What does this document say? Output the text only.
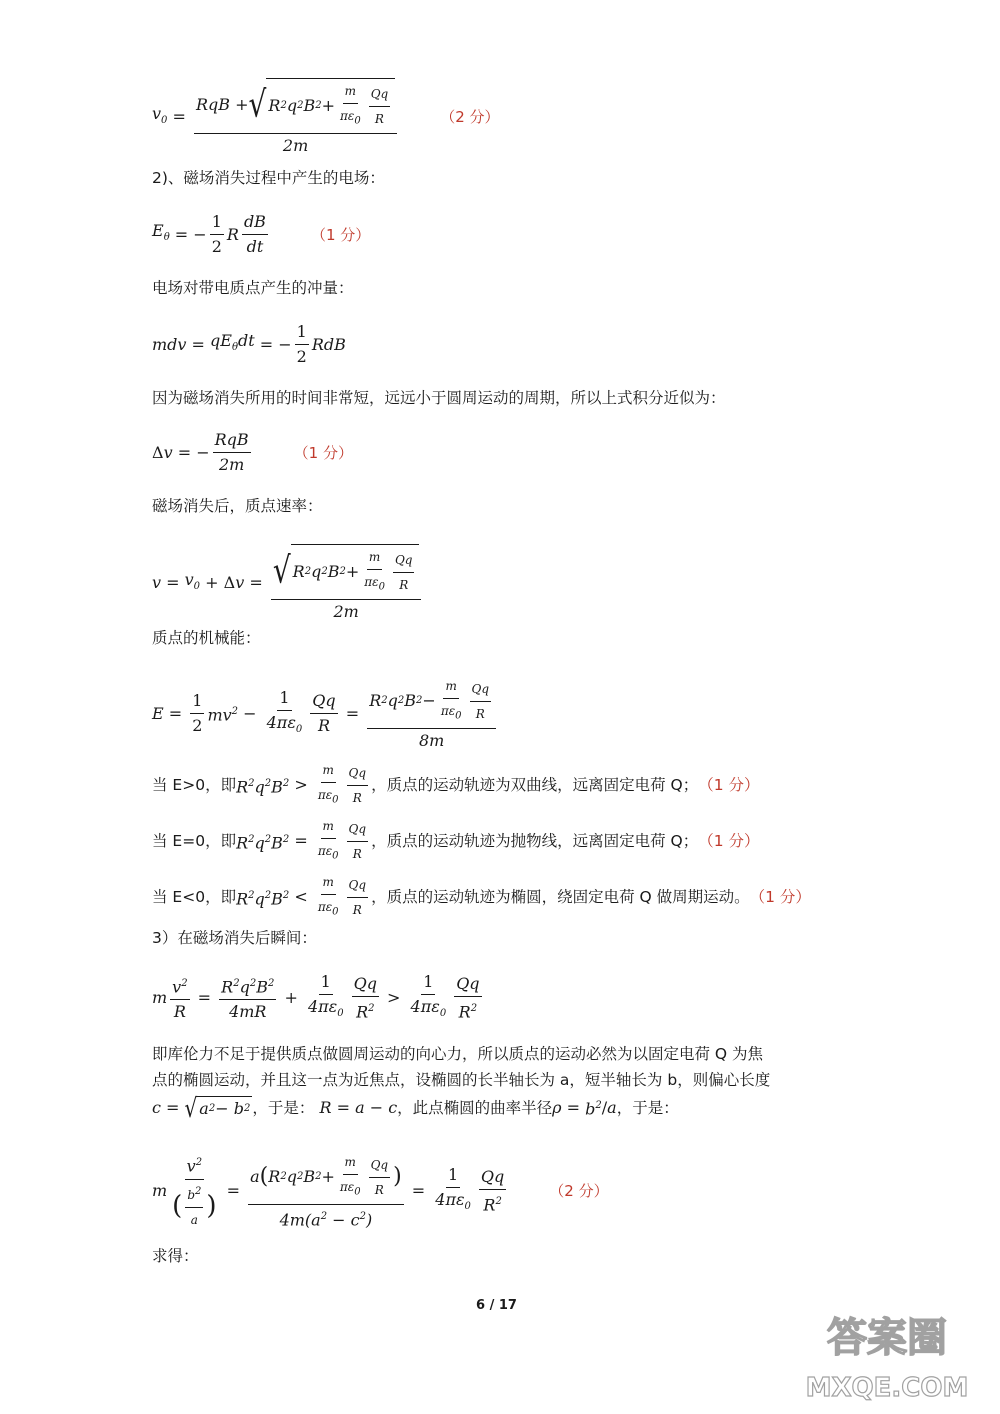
$v_0 = \frac{RqB + √ R 2 q 2 B 2 + \frac{m}{\pi\varepsilon_0} \frac{Qq}{R}}{2m}$	（2 分）
2)、磁场消失过程中产生的电场：
$E_\theta$ = − $\frac{1}{2}$ R $\frac{dB}{dt}$	（1 分）
电场对带电质点产生的冲量：
mdv = $qE_\theta dt$ = − $\frac{1}{2}$ RdB
因为磁场消失所用的时间非常短，远远小于圆周运动的周期，所以上式积分近似为：
Δ v = − $\frac{\text{RqB}}{2m}$	（1 分）
磁场消失后，质点速率：
$v = v_0 + \Delta$ $v = \frac{√ R 2 q 2 B 2 + \frac{m}{\pi\varepsilon_0} \frac{Qq}{R}}{2m}$
质点的机械能：
$E = \frac{1}{2} mv^2 - \frac{1}{4\pi\varepsilon_0} \frac{Qq}{R} = \frac{R 2 q 2 B 2 - \frac{m}{\pi\varepsilon_0} \frac{Qq}{R}}{8m}$
当 E>0，即 $R^2q^2B^2 > \frac{m}{\pi\varepsilon_0} \frac{Qq}{R}$ ，质点的运动轨迹为双曲线，远离固定电荷 Q； （1 分）
当 E=0，即 $R^2q^2B^2 = \frac{m}{\pi\varepsilon_0} \frac{Qq}{R}$ ，质点的运动轨迹为抛物线，远离固定电荷 Q； （1 分）
当 E<0，即 $R^2q^2B^2 < \frac{m}{\pi\varepsilon_0} \frac{Qq}{R}$ ，质点的运动轨迹为椭圆，绕固定电荷 Q 做周期运动。 （1 分）
3）在磁场消失后瞬间：
m $\frac{v^2}{R} = \frac{R^2q^2B^2}{4mR} + \frac{1}{4\pi\varepsilon_0} \frac{Qq}{R^2} > \frac{1}{4\pi\varepsilon_0} \frac{Qq}{R^2}$
即库伦力不足于提供质点做圆周运动的向心力，所以质点的运动必然为以固定电荷 Q 为焦
点的椭圆运动，并且这一点为近焦点，设椭圆的长半轴长为 a，短半轴长为 b，则偏心长度
c = √ a 2 − b 2 ，于是：
R = a − c ，此点椭圆的曲率半径 $\rho = b^2 / a$ ，于是：
m $\frac{v^2}{( \frac{b^2}{a} )} = \frac{a ( R 2 q 2 B 2 + \frac{m}{\pi\varepsilon_0} \frac{Qq}{R} )}{4m(a^2 - c^2)} = \frac{1}{4\pi\varepsilon_0} \frac{Qq}{R^2}$	（2 分）
求得：
6 / 17
答案圈
MXQE.COM
